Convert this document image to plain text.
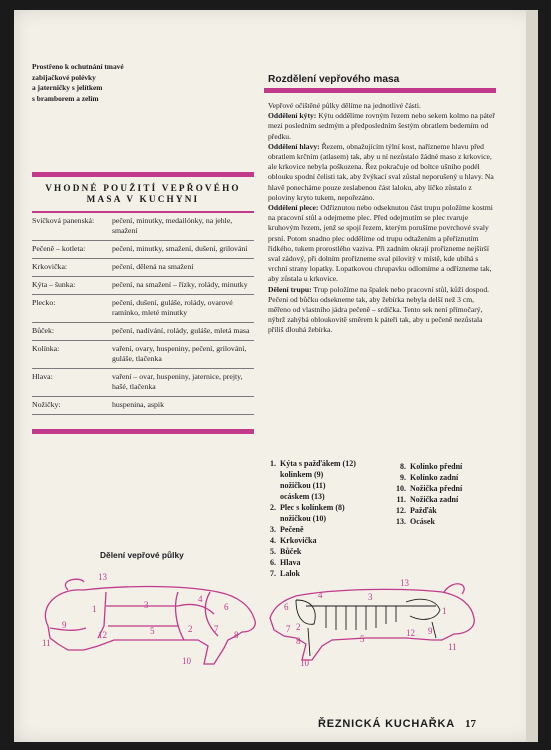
Prostřeno k ochutnání tmavé
zabijačkové polévky
a jaterničky s jelítkem
s bramborem a zelím
VHODNÉ POUŽITÍ VEPŘOVÉHO
MASA V KUCHYNI
Svíčková panenská:	pečení, minutky, medailónky, na jehle, smažení
Pečeně – kotleta:	pečení, minutky, smažení, dušení, grilování
Krkovička:	pečení, dělená na smažení
Kýta – šunka:	pečení, na smažení – řízky, rolády, minutky
Plecko:	pečení, dušení, guláše, rolády, ovarové ramínko, mleté minutky
Bůček:	pečení, nadívání, rolády, guláše, mletá masa
Kolínka:	vaření, ovary, huspeniny, pečení, grilování, guláše, tlačenka
Hlava:	vaření – ovar, huspeniny, jaternice, prejty, hašé, tlačenka
Nožičky:	huspenina, aspik
Rozdělení vepřového masa

Vepřové očištěné půlky dělíme na jednotlivé části.

Oddělení kýty: Kýtu oddělíme rovným řezem nebo sekem kolmo na páteř mezi posledním sedmým a předposledním šestým obratlem bederním od předku.

Oddělení hlavy: Řezem, obnažujícím týlní kost, nařízneme hlavu před obratlem krčním (atlasem) tak, aby u ní nezůstalo žádné maso z krkovice, ale krkovice nebyla poškozena. Řez pokračuje od boltce ušního podél oblouku spodní čelisti tak, aby žvýkací sval zůstal neporušený u hlavy. Na hlavě ponecháme pouze zeslabenou část laloku, aby líčko zůstalo z poloviny kryto tukem, nepořezáno.

Oddělení plece: Odříznutou nebo odseknutou část trupu položíme kostmi na pracovní stůl a odejmeme plec. Před odejmutím se plec tvaruje kruhovým řezem, jenž se spojí řezem, kterým porušíme povrchové svaly prsní. Potom snadno plec oddělíme od trupu odtažením a přeříznutím řídkého, tukem prorostlého vaziva. Při zadním okraji prořízneme nejširší sval zádový, při dolním prořízneme sval pilovitý v místě, kde ubíhá s vrchní strany lopatky. Lopatkovou chrupavku odlomíme a odřízneme tak, aby zůstala u krkovice.

Dělení trupu: Trup položíme na špalek nebo pracovní stůl, kůží dospod. Pečeni od bůčku odsekneme tak, aby žebírka nebyla delší než 3 cm, měřeno od vlastního jádra pečeně – srdíčka. Tento sek není přímočarý, nýbrž zahýbá obloukovitě směrem k páteři tak, aby u pečeně nezůstala příliš dlouhá žebírka.

1. Kýta s pažďákem (12)
kolínkem (9)
nožičkou (11)
ocáskem (13)
2. Plec s kolínkem (8)
nožičkou (10)
3. Pečeně
4. Krkovička
5. Bůček
6. Hlava
7. Lalok
8. Kolínko přední
9. Kolínko zadní
10. Nožička přední
11. Nožička zadní
12. Pažďák
13. Ocásek
Dělení vepřové půlky
13
1	3
4
6
5	2 7
9
12
11
10
8
13
1
3
4
6
5
2
7	9
12
11
10
8
ŘEZNICKÁ KUCHAŘKA 17
